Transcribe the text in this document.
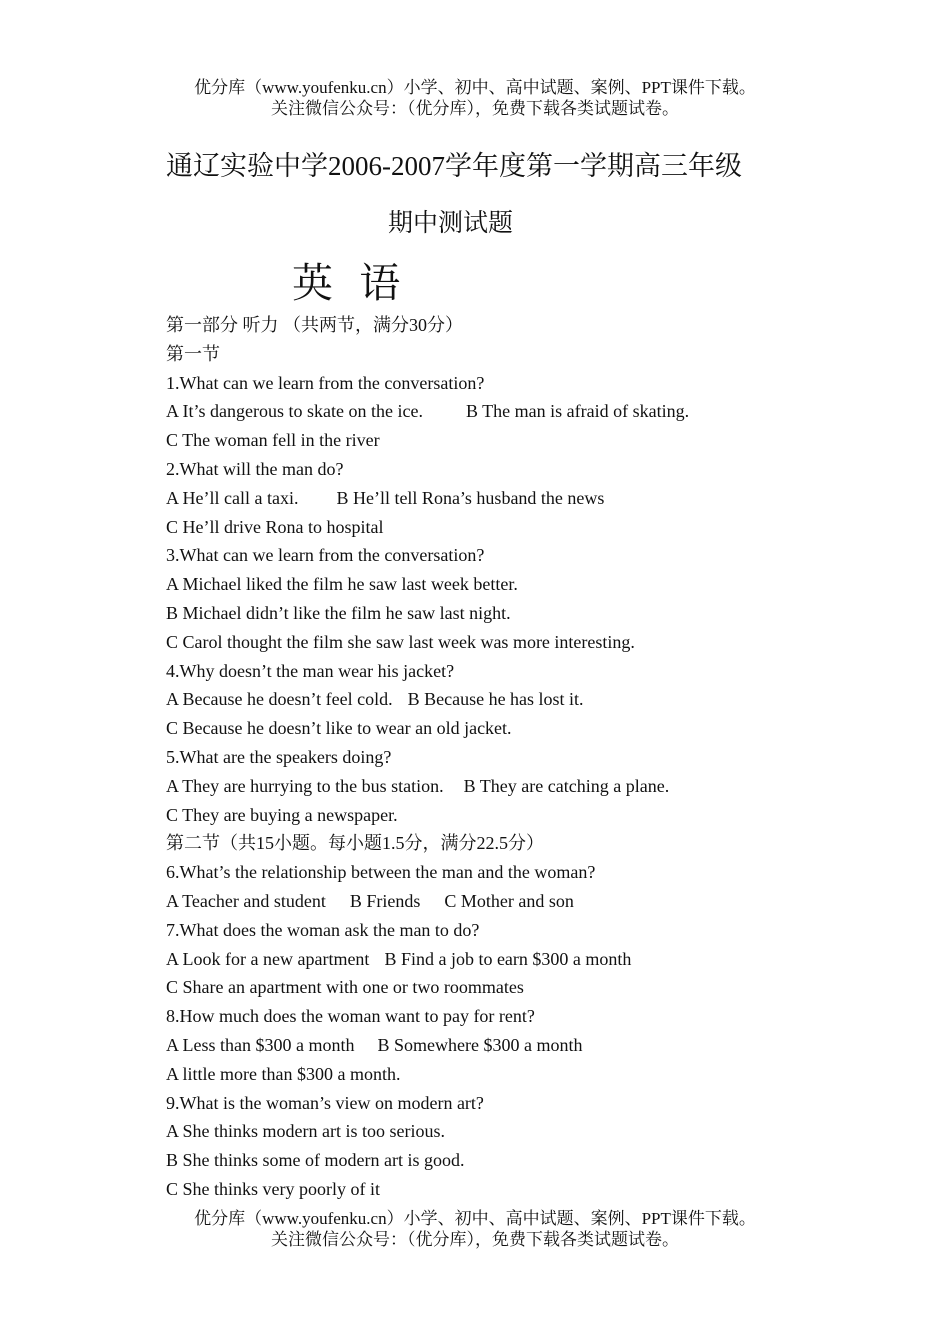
优分库（www.youfenku.cn）小学、初中、高中试题、案例、PPT课件下载。
关注微信公众号：（优分库），免费下载各类试题试卷。
通辽实验中学2006-2007学年度第一学期高三年级
期中测试题
英 语
第一部分 听力 （共两节，满分30分）
第一节
1.What can we learn from the conversation?
A It’s dangerous to skate on the ice. B The man is afraid of skating.
C The woman fell in the river
2.What will the man do?
A He’ll call a taxi. B He’ll tell Rona’s husband the news
C He’ll drive Rona to hospital
3.What can we learn from the conversation?
A Michael liked the film he saw last week better.
B Michael didn’t like the film he saw last night.
C Carol thought the film she saw last week was more interesting.
4.Why doesn’t the man wear his jacket?
A Because he doesn’t feel cold. B Because he has lost it.
C Because he doesn’t like to wear an old jacket.
5.What are the speakers doing?
A They are hurrying to the bus station. B They are catching a plane.
C They are buying a newspaper.
第二节（共15小题。每小题1.5分，满分22.5分）
6.What’s the relationship between the man and the woman?
A Teacher and student B Friends C Mother and son
7.What does the woman ask the man to do?
A Look for a new apartment B Find a job to earn $300 a month
C Share an apartment with one or two roommates
8.How much does the woman want to pay for rent?
A Less than $300 a month B Somewhere $300 a month
A little more than $300 a month.
9.What is the woman’s view on modern art?
A She thinks modern art is too serious.
B She thinks some of modern art is good.
C She thinks very poorly of it
优分库（www.youfenku.cn）小学、初中、高中试题、案例、PPT课件下载。
关注微信公众号：（优分库），免费下载各类试题试卷。
